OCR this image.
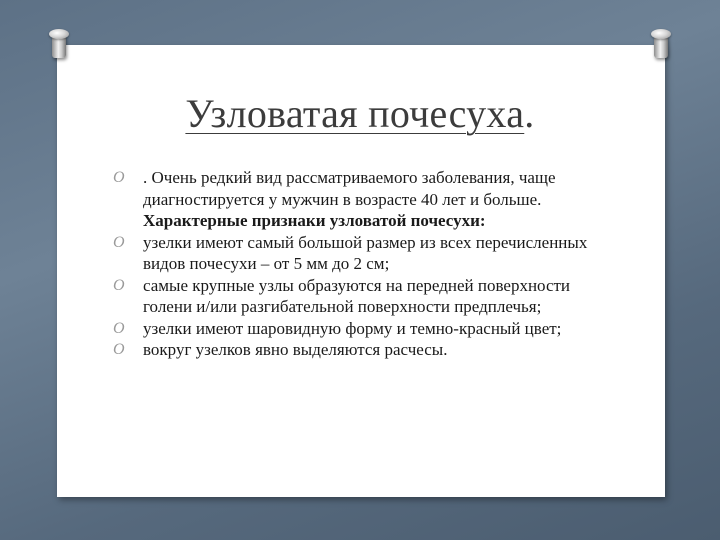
Узловатая почесуха.
O	. Очень редкий вид рассматриваемого заболевания, чаще диагностируется у мужчин в возрасте 40 лет и больше. Характерные признаки узловатой почесухи:
O	узелки имеют самый большой размер из всех перечисленных видов почесухи – от 5 мм до 2 см;
O	самые крупные узлы образуются на передней поверхности голени и/или разгибательной поверхности предплечья;
O	узелки имеют шаровидную форму и темно-красный цвет;
O	вокруг узелков явно выделяются расчесы.
